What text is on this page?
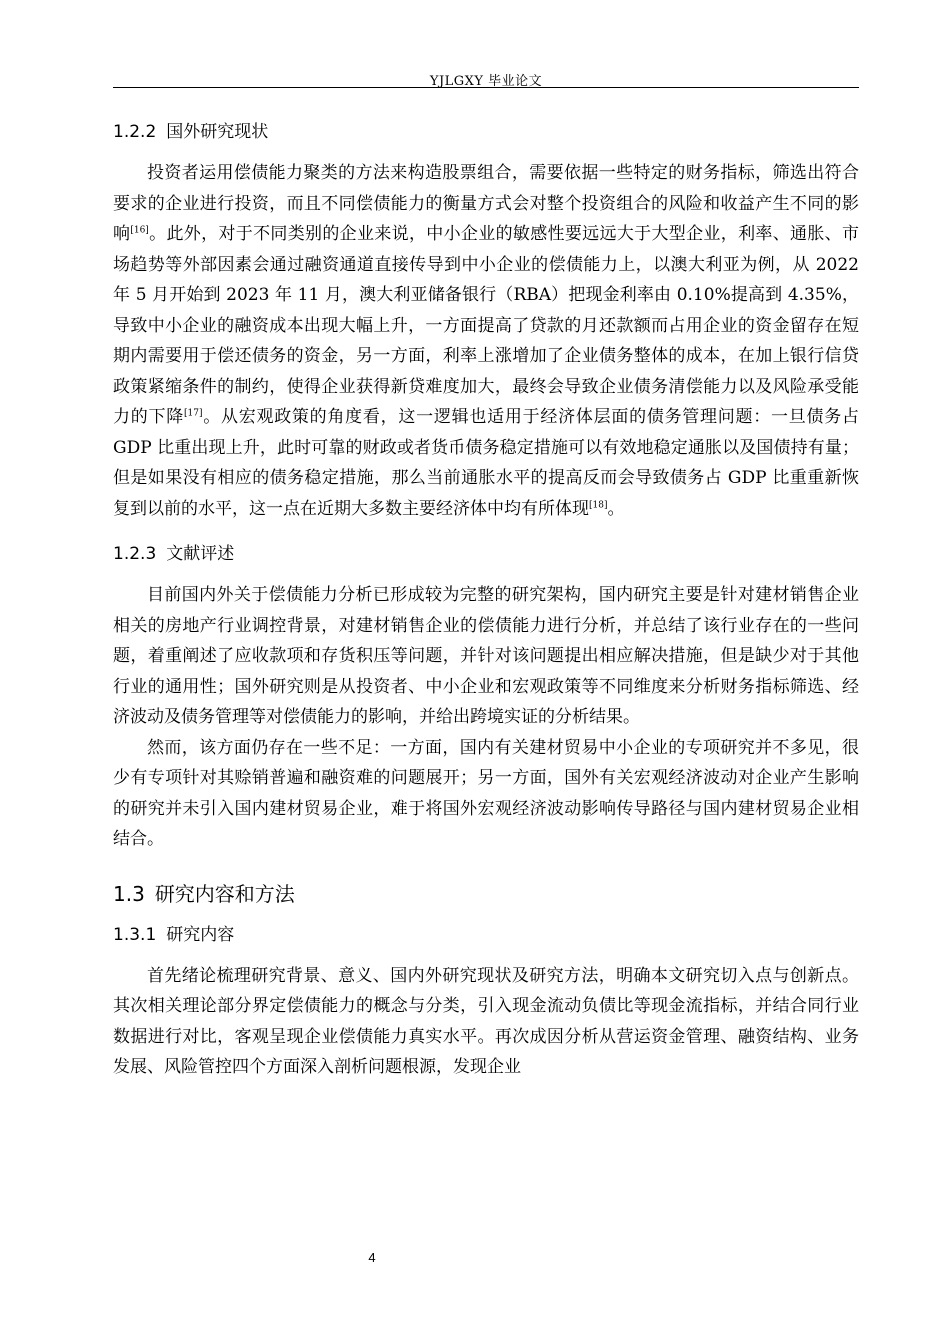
YJLGXY 毕业论文
1.2.2 国外研究现状

投资者运用偿债能力聚类的方法来构造股票组合，需要依据一些特定的财务指标，筛选出符合要求的企业进行投资，而且不同偿债能力的衡量方式会对整个投资组合的风险和收益产生不同的影响[16]。此外，对于不同类别的企业来说，中小企业的敏感性要远远大于大型企业，利率、通胀、市场趋势等外部因素会通过融资通道直接传导到中小企业的偿债能力上，以澳大利亚为例，从 2022 年 5 月开始到 2023 年 11 月，澳大利亚储备银行（RBA）把现金利率由 0.10%提高到 4.35%，导致中小企业的融资成本出现大幅上升，一方面提高了贷款的月还款额而占用企业的资金留存在短期内需要用于偿还债务的资金，另一方面，利率上涨增加了企业债务整体的成本，在加上银行信贷政策紧缩条件的制约，使得企业获得新贷难度加大，最终会导致企业债务清偿能力以及风险承受能力的下降[17]。从宏观政策的角度看，这一逻辑也适用于经济体层面的债务管理问题：一旦债务占 GDP 比重出现上升，此时可靠的财政或者货币债务稳定措施可以有效地稳定通胀以及国债持有量；但是如果没有相应的债务稳定措施，那么当前通胀水平的提高反而会导致债务占 GDP 比重重新恢复到以前的水平，这一点在近期大多数主要经济体中均有所体现[18]。

1.2.3 文献评述

目前国内外关于偿债能力分析已形成较为完整的研究架构，国内研究主要是针对建材销售企业相关的房地产行业调控背景，对建材销售企业的偿债能力进行分析，并总结了该行业存在的一些问题，着重阐述了应收款项和存货积压等问题，并针对该问题提出相应解决措施，但是缺少对于其他行业的通用性；国外研究则是从投资者、中小企业和宏观政策等不同维度来分析财务指标筛选、经济波动及债务管理等对偿债能力的影响，并给出跨境实证的分析结果。

然而，该方面仍存在一些不足：一方面，国内有关建材贸易中小企业的专项研究并不多见，很少有专项针对其赊销普遍和融资难的问题展开；另一方面，国外有关宏观经济波动对企业产生影响的研究并未引入国内建材贸易企业，难于将国外宏观经济波动影响传导路径与国内建材贸易企业相结合。

1.3 研究内容和方法
1.3.1 研究内容

首先绪论梳理研究背景、意义、国内外研究现状及研究方法，明确本文研究切入点与创新点。其次相关理论部分界定偿债能力的概念与分类，引入现金流动负债比等现金流指标，并结合同行业数据进行对比，客观呈现企业偿债能力真实水平。再次成因分析从营运资金管理、融资结构、业务发展、风险管控四个方面深入剖析问题根源，发现企业

4
